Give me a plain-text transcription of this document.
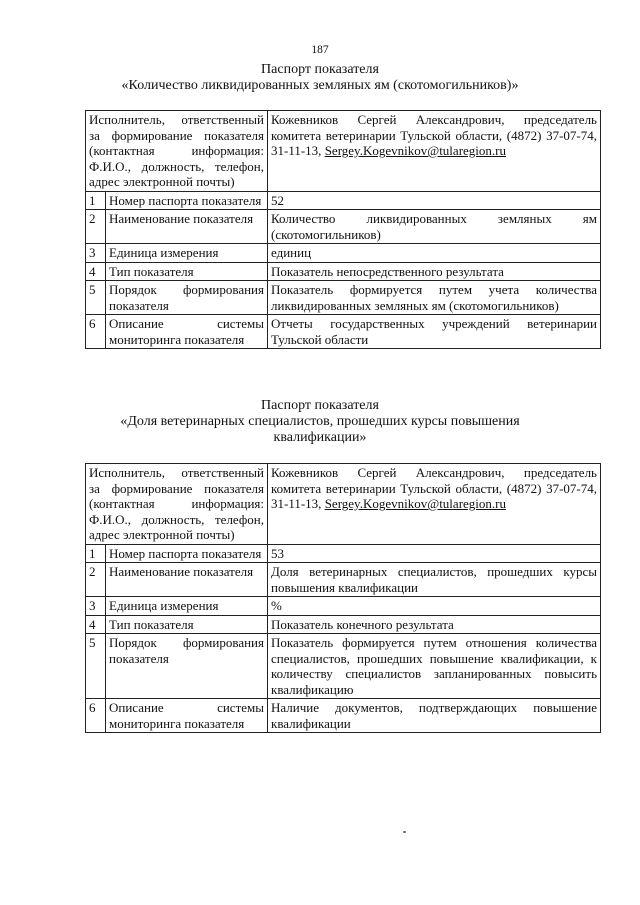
187
Паспорт показателя
«Количество ликвидированных земляных ям (скотомогильников)»
Исполнитель, ответственный за формирование показателя (контактная информация: Ф.И.О., должность, телефон, адрес электронной почты)		Кожевников Сергей Александрович, председатель комитета ветеринарии Тульской области, (4872) 37-07-74, 31-11-13, Sergey.Kogevnikov@tularegion.ru
1	Номер паспорта показателя	52
2	Наименование показателя	Количество ликвидированных земляных ям (скотомогильников)
3	Единица измерения	единиц
4	Тип показателя	Показатель непосредственного результата
5	Порядок формирования показателя	Показатель формируется путем учета количества ликвидированных земляных ям (скотомогильников)
6	Описание системы мониторинга показателя	Отчеты государственных учреждений ветеринарии Тульской области
Паспорт показателя
«Доля ветеринарных специалистов, прошедших курсы повышения
квалификации»
Исполнитель, ответственный за формирование показателя (контактная информация: Ф.И.О., должность, телефон, адрес электронной почты)		Кожевников Сергей Александрович, председатель комитета ветеринарии Тульской области, (4872) 37-07-74, 31-11-13, Sergey.Kogevnikov@tularegion.ru
1	Номер паспорта показателя	53
2	Наименование показателя	Доля ветеринарных специалистов, прошедших курсы повышения квалификации
3	Единица измерения	%
4	Тип показателя	Показатель конечного результата
5	Порядок формирования показателя	Показатель формируется путем отношения количества специалистов, прошедших повышение квалификации, к количеству специалистов запланированных повысить квалификацию
6	Описание системы мониторинга показателя	Наличие документов, подтверждающих повышение квалификации
